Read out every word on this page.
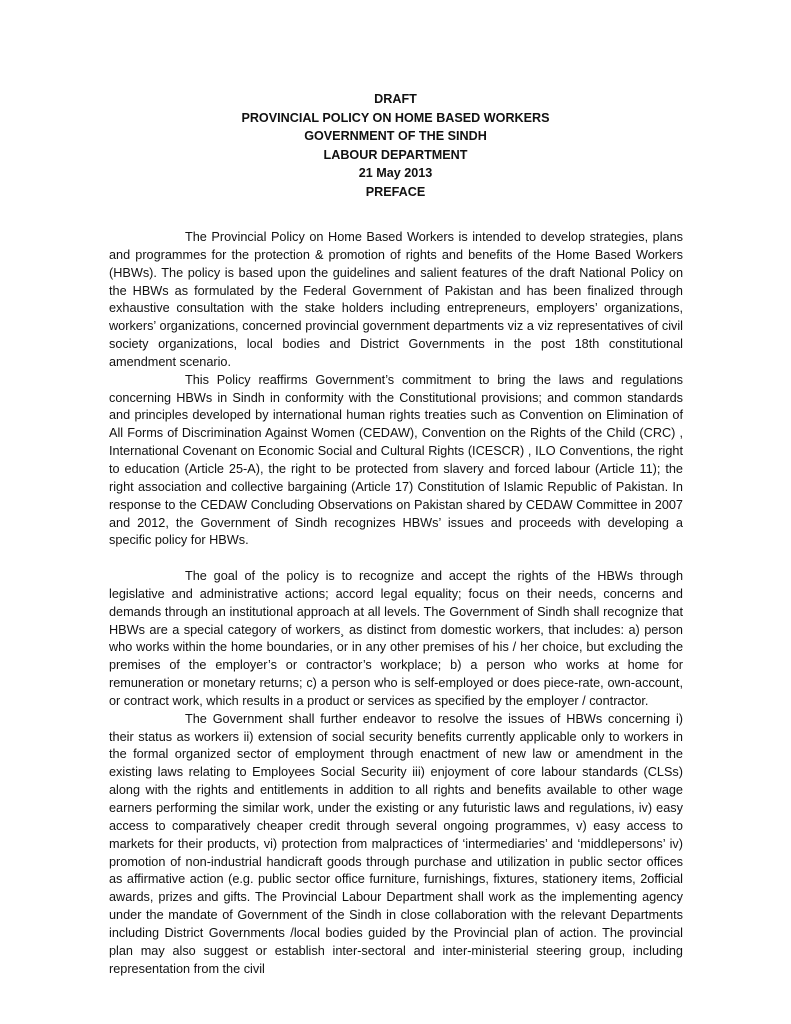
DRAFT
PROVINCIAL POLICY ON HOME BASED WORKERS
GOVERNMENT OF THE SINDH
LABOUR DEPARTMENT
21 May 2013
PREFACE

The Provincial Policy on Home Based Workers is intended to develop strategies, plans and programmes for the protection & promotion of rights and benefits of the Home Based Workers (HBWs). The policy is based upon the guidelines and salient features of the draft National Policy on the HBWs as formulated by the Federal Government of Pakistan and has been finalized through exhaustive consultation with the stake holders including entrepreneurs, employers’ organizations, workers’ organizations, concerned provincial government departments viz a viz representatives of civil society organizations, local bodies and District Governments in the post 18th constitutional amendment scenario.

This Policy reaffirms Government’s commitment to bring the laws and regulations concerning HBWs in Sindh in conformity with the Constitutional provisions; and common standards and principles developed by international human rights treaties such as Convention on Elimination of All Forms of Discrimination Against Women (CEDAW), Convention on the Rights of the Child (CRC) , International Covenant on Economic Social and Cultural Rights (ICESCR) , ILO Conventions, the right to education (Article 25-A), the right to be protected from slavery and forced labour (Article 11); the right association and collective bargaining (Article 17) Constitution of Islamic Republic of Pakistan. In response to the CEDAW Concluding Observations on Pakistan shared by CEDAW Committee in 2007 and 2012, the Government of Sindh recognizes HBWs’ issues and proceeds with developing a specific policy for HBWs.

The goal of the policy is to recognize and accept the rights of the HBWs through legislative and administrative actions; accord legal equality; focus on their needs, concerns and demands through an institutional approach at all levels. The Government of Sindh shall recognize that HBWs are a special category of workers¸ as distinct from domestic workers, that includes: a) person who works within the home boundaries, or in any other premises of his / her choice, but excluding the premises of the employer’s or contractor’s workplace; b) a person who works at home for remuneration or monetary returns; c) a person who is self-employed or does piece-rate, own-account, or contract work, which results in a product or services as specified by the employer / contractor.

The Government shall further endeavor to resolve the issues of HBWs concerning i) their status as workers ii) extension of social security benefits currently applicable only to workers in the formal organized sector of employment through enactment of new law or amendment in the existing laws relating to Employees Social Security iii) enjoyment of core labour standards (CLSs) along with the rights and entitlements in addition to all rights and benefits available to other wage earners performing the similar work, under the existing or any futuristic laws and regulations, iv) easy access to comparatively cheaper credit through several ongoing programmes, v) easy access to markets for their products, vi) protection from malpractices of ‘intermediaries’ and ‘middlepersons’ iv) promotion of non-industrial handicraft goods through purchase and utilization in public sector offices as affirmative action (e.g. public sector office furniture, furnishings, fixtures, stationery items, 2official awards, prizes and gifts. The Provincial Labour Department shall work as the implementing agency under the mandate of Government of the Sindh in close collaboration with the relevant Departments including District Governments /local bodies guided by the Provincial plan of action. The provincial plan may also suggest or establish inter-sectoral and inter-ministerial steering group, including representation from the civil
